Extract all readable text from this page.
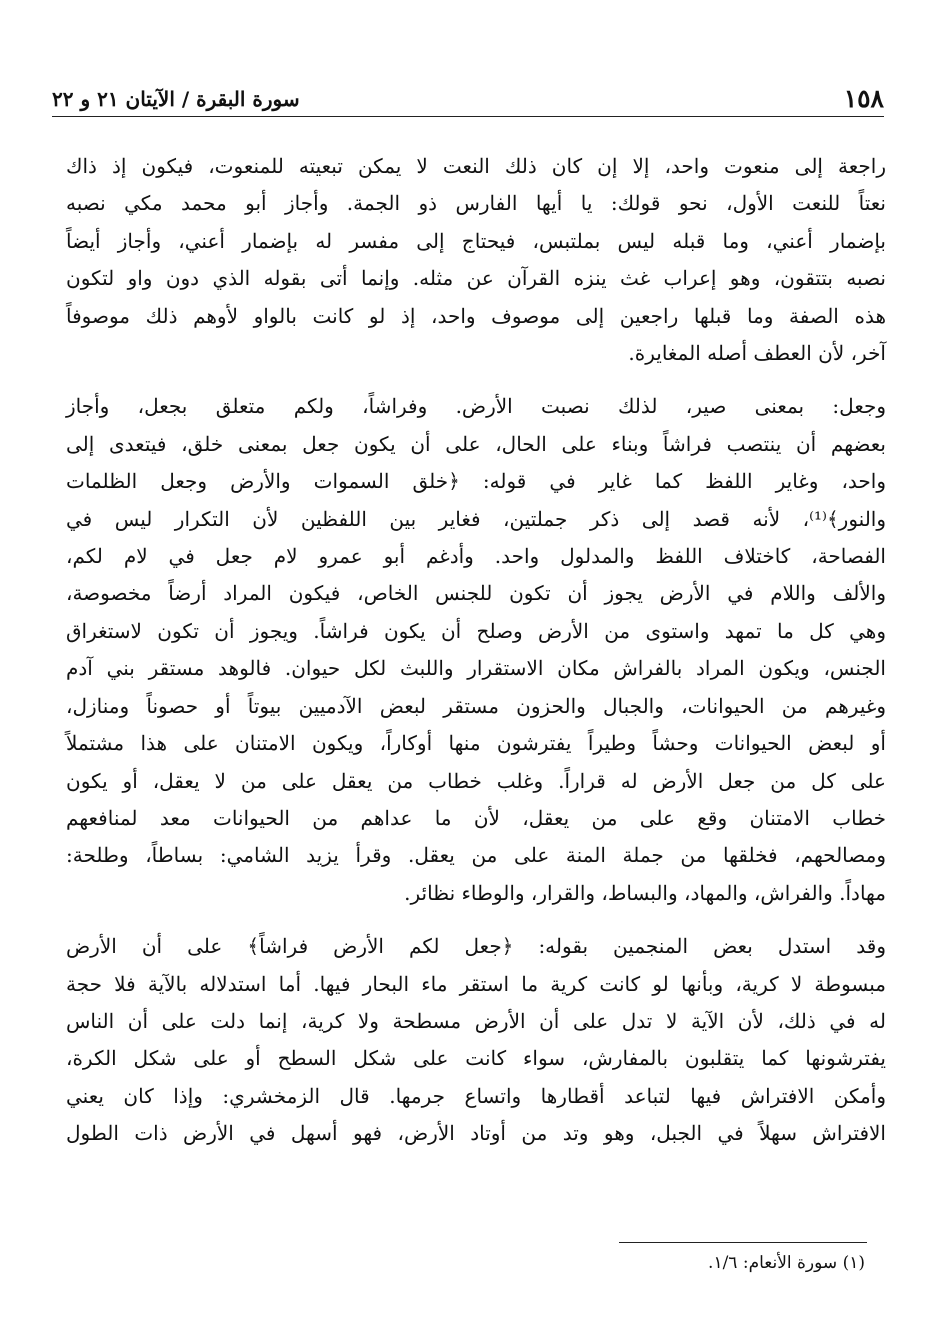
١٥٨
سورة البقرة / الآيتان ٢١ و ٢٢

راجعة إلى منعوت واحد، إلا إن كان ذلك النعت لا يمكن تبعيته للمنعوت، فيكون إذ ذاك
نعتاً للنعت الأول، نحو قولك: يا أيها الفارس ذو الجمة. وأجاز أبو محمد مكي نصبه
بإضمار أعني، وما قبله ليس بملتبس، فيحتاج إلى مفسر له بإضمار أعني، وأجاز أيضاً
نصبه بتتقون، وهو إعراب غث ينزه القرآن عن مثله. وإنما أتى بقوله الذي دون واو لتكون
هذه الصفة وما قبلها راجعين إلى موصوف واحد، إذ لو كانت بالواو لأوهم ذلك موصوفاً
آخر، لأن العطف أصله المغايرة.

وجعل: بمعنى صير، لذلك نصبت الأرض. وفراشاً، ولكم متعلق بجعل، وأجاز
بعضهم أن ينتصب فراشاً وبناء على الحال، على أن يكون جعل بمعنى خلق، فيتعدى إلى
واحد، وغاير اللفظ كما غاير في قوله: ﴿خلق السموات والأرض وجعل الظلمات
والنور﴾⁽¹⁾، لأنه قصد إلى ذكر جملتين، فغاير بين اللفظين لأن التكرار ليس في
الفصاحة، كاختلاف اللفظ والمدلول واحد. وأدغم أبو عمرو لام جعل في لام لكم،
والألف واللام في الأرض يجوز أن تكون للجنس الخاص، فيكون المراد أرضاً مخصوصة،
وهي كل ما تمهد واستوى من الأرض وصلح أن يكون فراشاً. ويجوز أن تكون لاستغراق
الجنس، ويكون المراد بالفراش مكان الاستقرار واللبث لكل حيوان. فالوهد مستقر بني آدم
وغيرهم من الحيوانات، والجبال والحزون مستقر لبعض الآدميين بيوتاً أو حصوناً ومنازل،
أو لبعض الحيوانات وحشاً وطيراً يفترشون منها أوكاراً، ويكون الامتنان على هذا مشتملاً
على كل من جعل الأرض له قراراً. وغلب خطاب من يعقل على من لا يعقل، أو يكون
خطاب الامتنان وقع على من يعقل، لأن ما عداهم من الحيوانات معد لمنافعهم
ومصالحهم، فخلقها من جملة المنة على من يعقل. وقرأ يزيد الشامي: بساطاً، وطلحة:
مهاداً. والفراش، والمهاد، والبساط، والقرار، والوطاء نظائر.

وقد استدل بعض المنجمين بقوله: ﴿جعل لكم الأرض فراشاً﴾ على أن الأرض
مبسوطة لا كرية، وبأنها لو كانت كرية ما استقر ماء البحار فيها. أما استدلاله بالآية فلا حجة
له في ذلك، لأن الآية لا تدل على أن الأرض مسطحة ولا كرية، إنما دلت على أن الناس
يفترشونها كما يتقلبون بالمفارش، سواء كانت على شكل السطح أو على شكل الكرة،
وأمكن الافتراش فيها لتباعد أقطارها واتساع جرمها. قال الزمخشري: وإذا كان يعني
الافتراش سهلاً في الجبل، وهو وتد من أوتاد الأرض، فهو أسهل في الأرض ذات الطول

(١) سورة الأنعام: ١/٦.
